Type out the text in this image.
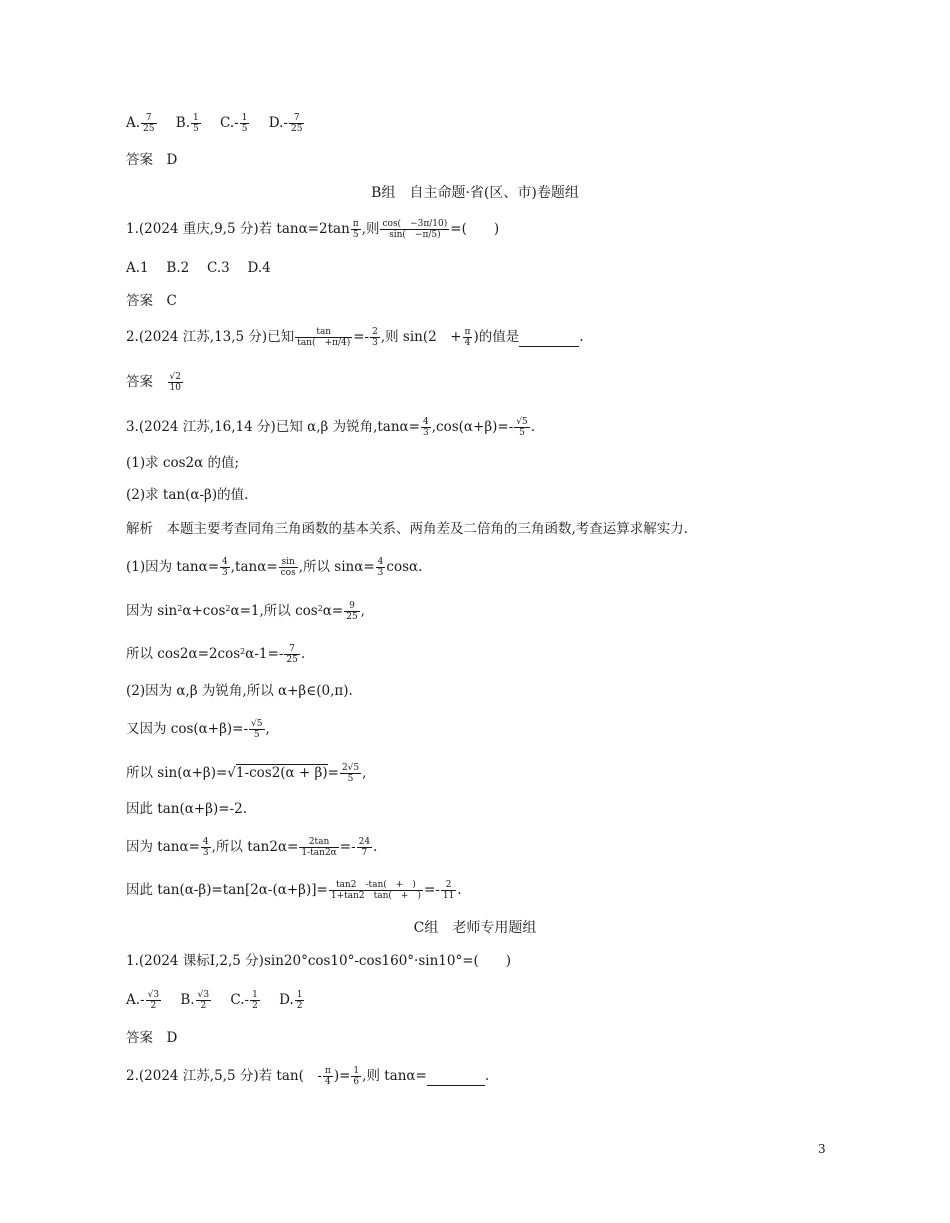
A. $\frac{7}{25} B$. $\frac{1}{5} C.- \frac{1}{5} D.- \frac{7}{25}$
答案　D
B组　自主命题·省(区、市)卷题组
1.(2024 重庆,9,5 分)若 $\tan\alpha=2\tan \frac{\pi}{5}$ ,则 $\frac{\cos( -3\pi/10)}{\sin( -\pi/5)}$ =(　　)
A.1　 B.2　 C.3　 D.4
答案　C
2.(2024 江苏,13,5 分)已知 $\frac{\tan}{\tan( +\pi/4)} =- \frac{2}{3}$ ,则 sin(2　+ $\frac{\pi}{4}$ )的值是	.
答案　 $\frac{√2}{10}$
3.(2024 江苏,16,14 分)已知 α,β 为锐角$,\tan\alpha= \frac{4}{3} ,\cos(\alpha+\beta)=- \frac{√5}{5}$ .
(1)求 cos2α 的值;
(2)求 tan(α-β)的值.
解析　本题主要考查同角三角函数的基本关系、两角差及二倍角的三角函数,考查运算求解实力.
(1)因为 $\tan\alpha= \frac{4}{3} ,\tan\alpha= \frac{\sin}{\cos}$ ,所以 $\sin\alpha= \frac{4}{3} \cos\alpha$.
因为 $\sin^2\alpha+\cos^2\alpha=1$,所以 $\cos^2\alpha= \frac{9}{25}$ ,
所以 $\cos 2\alpha=2\cos^2\alpha-1=- \frac{7}{25}$ .
(2)因为 α,β 为锐角,所以 α+β∈(0,π).
又因为 $\cos(\alpha+\beta)=- \frac{√5}{5}$ ,
所以 $\sin(\alpha+\beta)=√1-\cos 2(\alpha + \beta)= \frac{2√5}{5}$ ,
因此 tan(α+β)=-2.
因为 $\tan\alpha= \frac{4}{3}$ ,所以 $\tan 2\alpha= \frac{2\tan}{1-\tan 2\alpha} =- \frac{24}{7}$ .
因此 $\tan(\alpha-\beta)=\tan[2\alpha-(\alpha+\beta)]= \frac{\tan 2 -\tan( + )}{1+\tan 2 \tan( + )} =- \frac{2}{11}$ .
C组　老师专用题组
1.(2024 课标Ⅰ,2,5 分)sin20°cos10°-cos160°·sin10°=(　　)
$A.- \frac{√3}{2} B$. $\frac{√3}{2} C.- \frac{1}{2} D$. $\frac{1}{2}$
答案　D
2.(2024 江苏,5,5 分)若 tan(　- $\frac{\pi}{4}$ )= $\frac{1}{6}$ ,则 tanα=	.
3
